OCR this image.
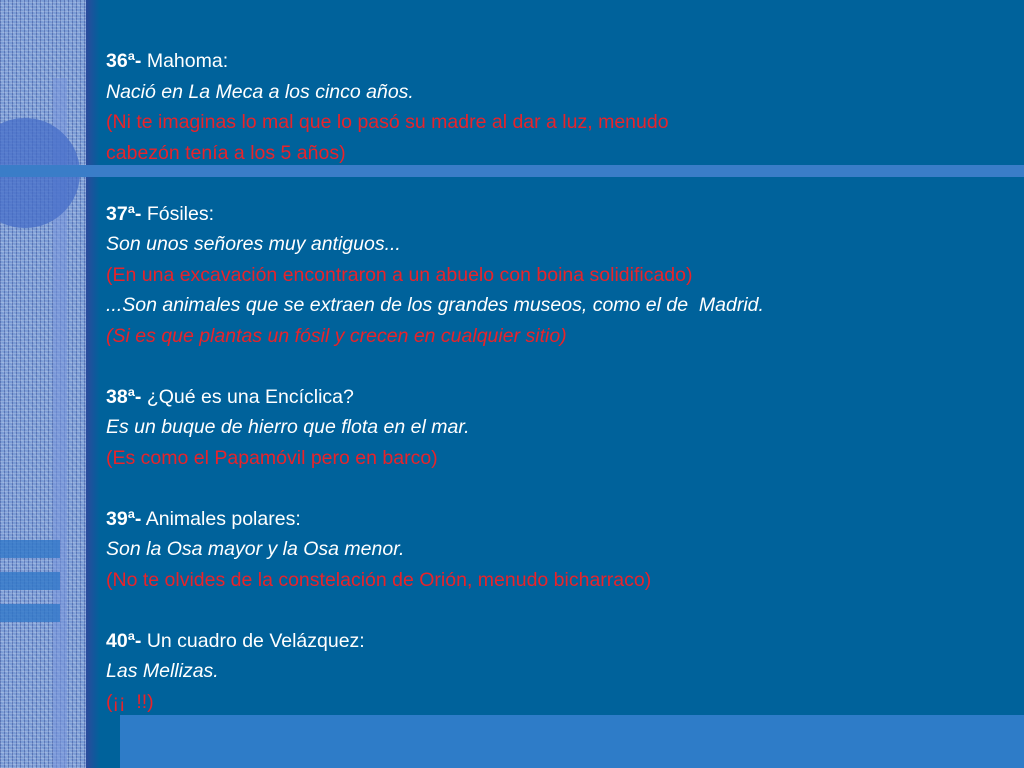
36ª- Mahoma:
Nació en La Meca a los cinco años.
(Ni te imaginas lo mal que lo pasó su madre al dar a luz, menudo
cabezón tenía a los 5 años)
37ª- Fósiles:
Son unos señores muy antiguos...
(En una excavación encontraron a un abuelo con boina solidificado)
...Son animales que se extraen de los grandes museos, como el de  Madrid.
(Si es que plantas un fósil y crecen en cualquier sitio)
38ª- ¿Qué es una Encíclica?
Es un buque de hierro que flota en el mar.
(Es como el Papamóvil pero en barco)
39ª- Animales polares:
Son la Osa mayor y la Osa menor.
(No te olvides de la constelación de Orión, menudo bicharraco)
40ª- Un cuadro de Velázquez:
Las Mellizas.
(¡¡  !!)
